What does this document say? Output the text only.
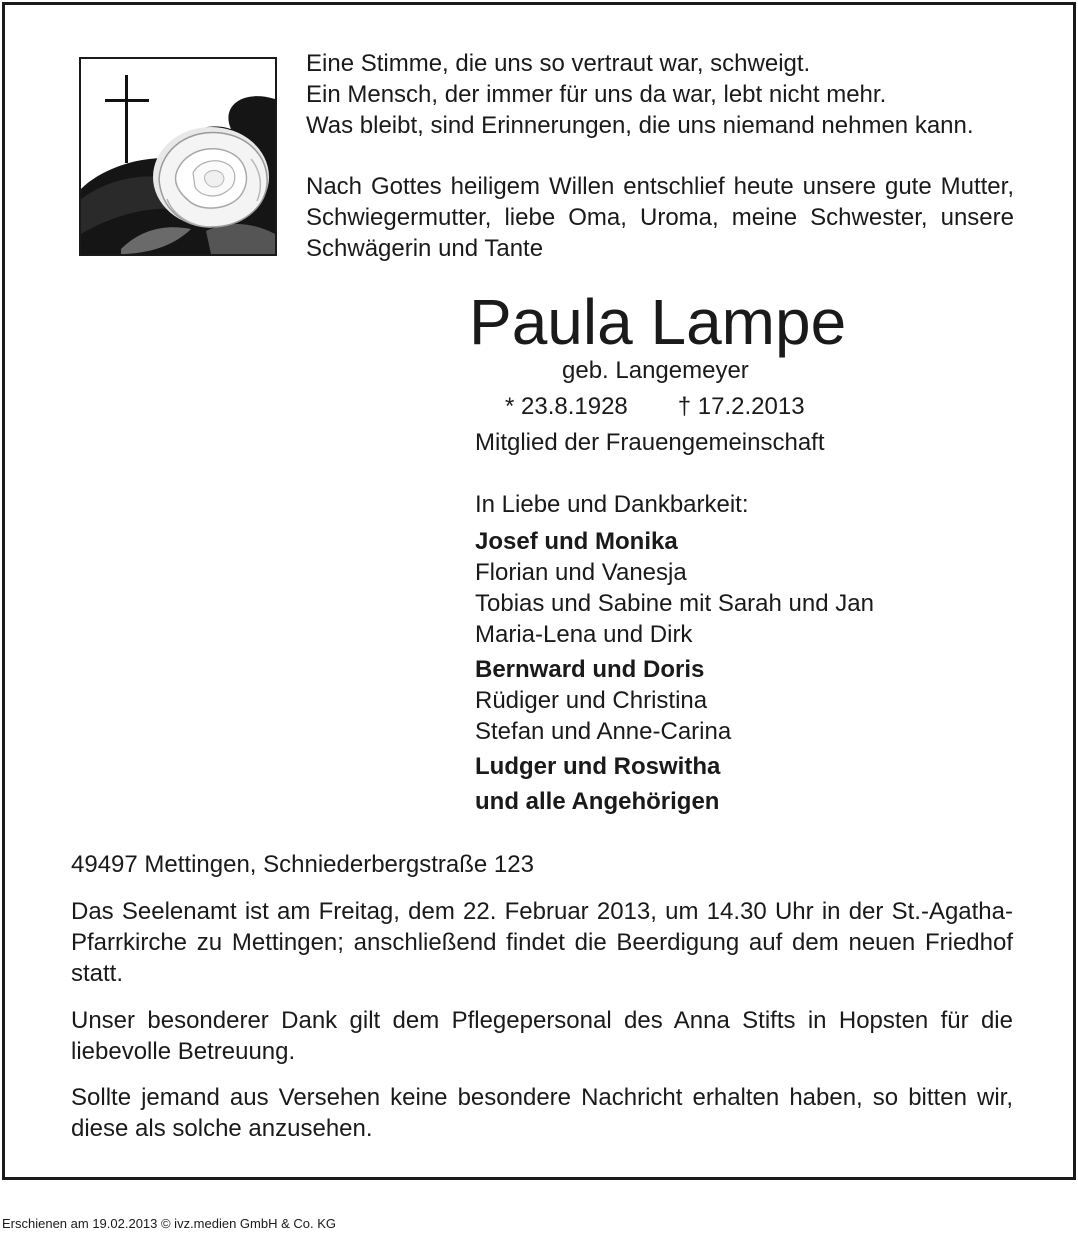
Eine Stimme, die uns so vertraut war, schweigt.
Ein Mensch, der immer für uns da war, lebt nicht mehr.
Was bleibt, sind Erinnerungen, die uns niemand nehmen kann.

Nach Gottes heiligem Willen entschlief heute unsere gute Mutter, Schwiegermutter, liebe Oma, Uroma, meine Schwester, unsere Schwägerin und Tante

Paula Lampe
geb. Langemeyer
* 23.8.1928 † 17.2.2013
Mitglied der Frauengemeinschaft
In Liebe und Dankbarkeit:
Josef und Monika
Florian und Vanesja
Tobias und Sabine mit Sarah und Jan
Maria-Lena und Dirk
Bernward und Doris
Rüdiger und Christina
Stefan und Anne-Carina
Ludger und Roswitha
und alle Angehörigen
49497 Mettingen, Schniederbergstraße 123

Das Seelenamt ist am Freitag, dem 22. Februar 2013, um 14.30 Uhr in der St.-Agatha-Pfarrkirche zu Mettingen; anschließend findet die Beerdigung auf dem neuen Friedhof statt.

Unser besonderer Dank gilt dem Pflegepersonal des Anna Stifts in Hopsten für die liebevolle Betreuung.

Sollte jemand aus Versehen keine besondere Nachricht erhalten haben, so bitten wir, diese als solche anzusehen.

Erschienen am 19.02.2013 © ivz.medien GmbH & Co. KG
